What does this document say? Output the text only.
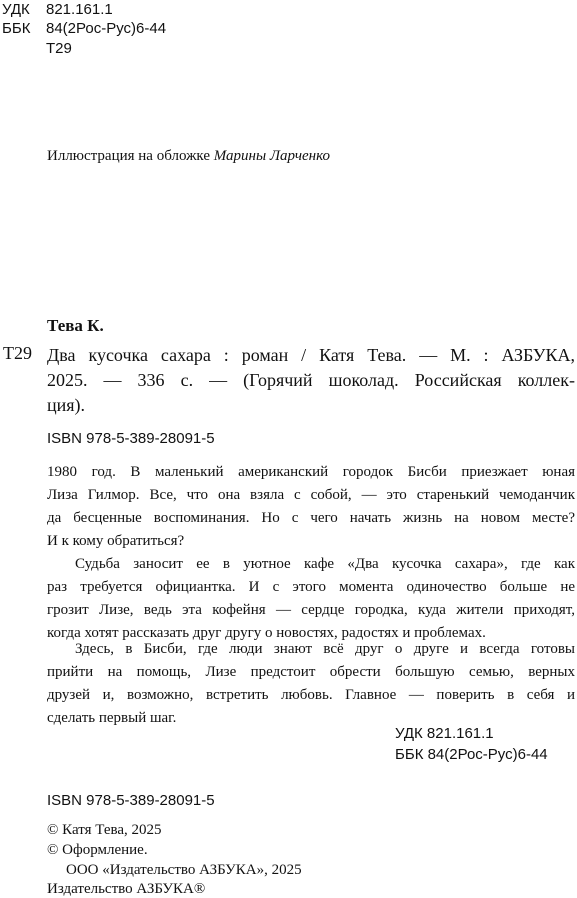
УДК 821.161.1
ББК 84(2Рос-Рус)6-44
Т29
Иллюстрация на обложке Марины Ларченко
Тева К.
Т29 Два кусочка сахара : роман / Катя Тева. — М. : АЗБУКА,
2025. — 336 с. — (Горячий шоколад. Российская коллек-
ция).
ISBN 978-5-389-28091-5
1980 год. В маленький американский городок Бисби приезжает юная
Лиза Гилмор. Все, что она взяла с собой, — это старенький чемоданчик
да бесценные воспоминания. Но с чего начать жизнь на новом месте?
И к кому обратиться?
Судьба заносит ее в уютное кафе «Два кусочка сахара», где как
раз требуется официантка. И с этого момента одиночество больше не
грозит Лизе, ведь эта кофейня — сердце городка, куда жители приходят,
когда хотят рассказать друг другу о новостях, радостях и проблемах.
Здесь, в Бисби, где люди знают всё друг о друге и всегда готовы
прийти на помощь, Лизе предстоит обрести большую семью, верных
друзей и, возможно, встретить любовь. Главное — поверить в себя и
сделать первый шаг.
УДК 821.161.1
ББК 84(2Рос-Рус)6-44
ISBN 978-5-389-28091-5
© Катя Тева, 2025
© Оформление.
ООО «Издательство АЗБУКА», 2025
Издательство АЗБУКА®
